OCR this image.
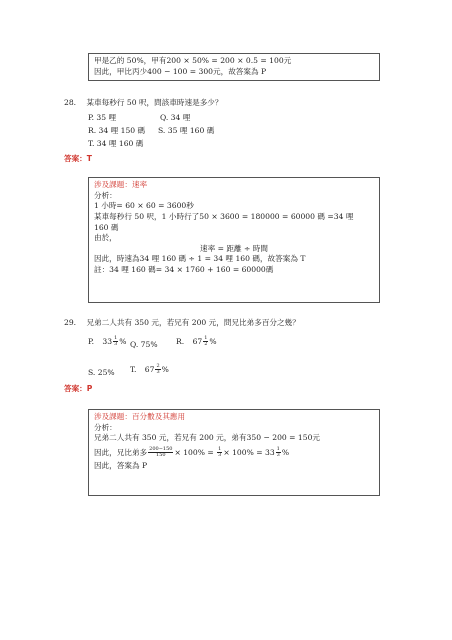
甲是乙的 50%，甲有200 × 50% = 200 × 0.5 = 100元
因此，甲比丙少400 − 100 = 300元，故答案為 P
28. 某車每秒行 50 呎，問該車時速是多少？
P. 35 哩	Q. 34 哩
R. 34 哩 150 碼 S. 35 哩 160 碼
T. 34 哩 160 碼
答案：T
涉及課題：速率
分析：
1 小時= 60 × 60 = 3600秒
某車每秒行 50 呎，1 小時行了50 × 3600 = 180000 = 60000 碼 =34 哩
160 碼
由於，
速率 = 距離 ÷ 時間
因此，時速為34 哩 160 碼 ÷ 1 = 34 哩 160 碼，故答案為 T
註：34 哩 160 碼= 34 × 1760 + 160 = 60000碼
29. 兄弟二人共有 350 元，若兄有 200 元，問兄比弟多百分之幾？
P. $33 \frac{1}{3}$ % Q. 75% R. $67 \frac{1}{2}$ %
S. 25% T. $67 \frac{2}{3}$ %
答案：P
涉及課題：百分數及其應用
分析：
兄弟二人共有 350 元，若兄有 200 元，弟有350 − 200 = 150元
因此，兄比弟多 $\frac{200-150}{150} \times 100\% = \frac{1}{3} \times 100\% = 33 \frac{1}{3}$ %
因此，答案為 P
